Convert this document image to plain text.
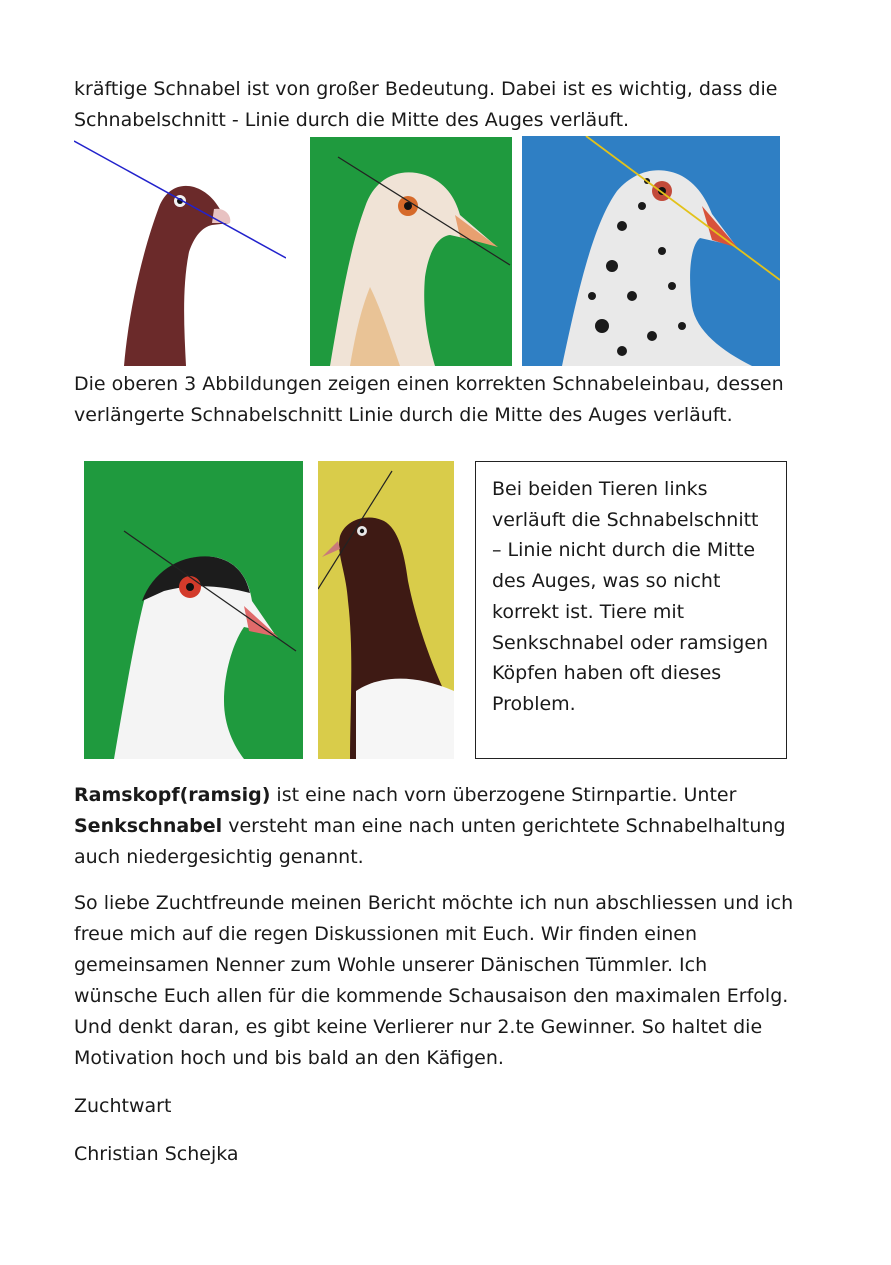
kräftige Schnabel ist von großer Bedeutung. Dabei ist es wichtig, dass die
Schnabelschnitt - Linie durch die Mitte des Auges verläuft.

Die oberen 3 Abbildungen zeigen einen korrekten Schnabeleinbau, dessen
verlängerte Schnabelschnitt Linie durch die Mitte des Auges verläuft.

Bei beiden Tieren links

verläuft die Schnabelschnitt

– Linie nicht durch die Mitte

des Auges, was so nicht

korrekt ist. Tiere mit

Senkschnabel oder ramsigen

Köpfen haben oft dieses

Problem.

Ramskopf(ramsig) ist eine nach vorn überzogene Stirnpartie. Unter
Senkschnabel versteht man eine nach unten gerichtete Schnabelhaltung
auch niedergesichtig genannt.

So liebe Zuchtfreunde meinen Bericht möchte ich nun abschliessen und ich
freue mich auf die regen Diskussionen mit Euch. Wir finden einen
gemeinsamen Nenner zum Wohle unserer Dänischen Tümmler. Ich
wünsche Euch allen für die kommende Schausaison den maximalen Erfolg.
Und denkt daran, es gibt keine Verlierer nur 2.te Gewinner. So haltet die
Motivation hoch und bis bald an den Käfigen.

Zuchtwart

Christian Schejka
